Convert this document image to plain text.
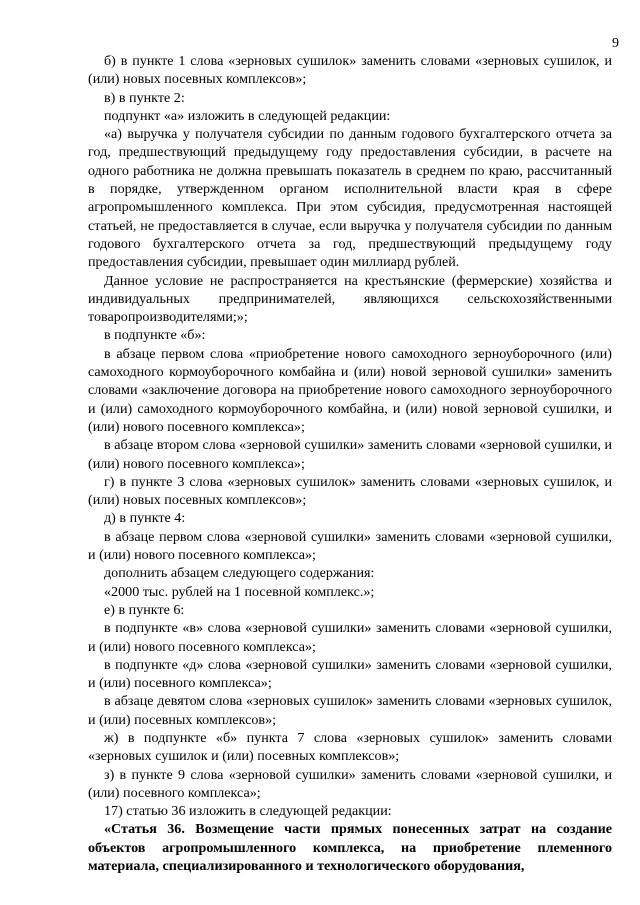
9

б) в пункте 1 слова «зерновых сушилок» заменить словами «зерновых сушилок, и (или) новых посевных комплексов»;

в) в пункте 2:

подпункт «а» изложить в следующей редакции:

«а) выручка у получателя субсидии по данным годового бухгалтерского отчета за год, предшествующий предыдущему году предоставления субсидии, в расчете на одного работника не должна превышать показатель в среднем по краю, рассчитанный в порядке, утвержденном органом исполнительной власти края в сфере агропромышленного комплекса. При этом субсидия, предусмотренная настоящей статьей, не предоставляется в случае, если выручка у получателя субсидии по данным годового бухгалтерского отчета за год, предшествующий предыдущему году предоставления субсидии, превышает один миллиард рублей.

Данное условие не распространяется на крестьянские (фермерские) хозяйства и индивидуальных предпринимателей, являющихся сельскохозяйственными товаропроизводителями;»;

в подпункте «б»:

в абзаце первом слова «приобретение нового самоходного зерноуборочного (или) самоходного кормоуборочного комбайна и (или) новой зерновой сушилки» заменить словами «заключение договора на приобретение нового самоходного зерноуборочного и (или) самоходного кормоуборочного комбайна, и (или) новой зерновой сушилки, и (или) нового посевного комплекса»;

в абзаце втором слова «зерновой сушилки» заменить словами «зерновой сушилки, и (или) нового посевного комплекса»;

г) в пункте 3 слова «зерновых сушилок» заменить словами «зерновых сушилок, и (или) новых посевных комплексов»;

д) в пункте 4:

в абзаце первом слова «зерновой сушилки» заменить словами «зерновой сушилки, и (или) нового посевного комплекса»;

дополнить абзацем следующего содержания:

«2000 тыс. рублей на 1 посевной комплекс.»;

е) в пункте 6:

в подпункте «в» слова «зерновой сушилки» заменить словами «зерновой сушилки, и (или) нового посевного комплекса»;

в подпункте «д» слова «зерновой сушилки» заменить словами «зерновой сушилки, и (или) посевного комплекса»;

в абзаце девятом слова «зерновых сушилок» заменить словами «зерновых сушилок, и (или) посевных комплексов»;

ж) в подпункте «б» пункта 7 слова «зерновых сушилок» заменить словами «зерновых сушилок и (или) посевных комплексов»;

з) в пункте 9 слова «зерновой сушилки» заменить словами «зерновой сушилки, и (или) посевного комплекса»;

17) статью 36 изложить в следующей редакции:

«Статья 36. Возмещение части прямых понесенных затрат на создание объектов агропромышленного комплекса, на приобретение племенного материала, специализированного и технологического оборудования,
